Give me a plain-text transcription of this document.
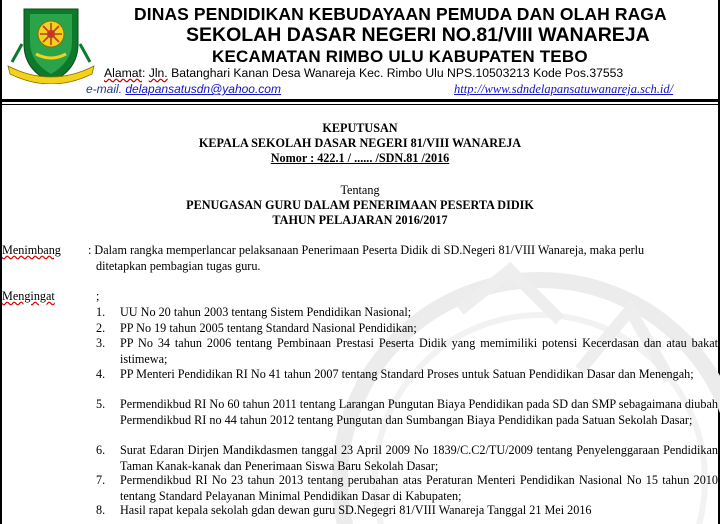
DINAS PENDIDIKAN KEBUDAYAAN PEMUDA DAN OLAH RAGA
SEKOLAH DASAR NEGERI NO.81/VIII WANAREJA
KECAMATAN RIMBO ULU KABUPATEN TEBO
Alamat: Jln. Batanghari Kanan Desa Wanareja Kec. Rimbo Ulu NPS.10503213 Kode Pos.37553
e-mail. delapansatusdn@yahoo.com	http://www.sdndelapansatuwanareja.sch.id/
KEPUTUSAN
KEPALA SEKOLAH DASAR NEGERI 81/VIII WANAREJA
Nomor : 422.1 / ...... /SDN.81 /2016
Tentang
PENUGASAN GURU DALAM PENERIMAAN PESERTA DIDIK
TAHUN PELAJARAN 2016/2017
Menimbang : Dalam rangka memperlancar pelaksanaan Penerimaan Peserta Didik di SD.Negeri 81/VIII Wanareja, maka perlu
ditetapkan pembagian tugas guru.
Mengingat	;
1. UU No 20 tahun 2003 tentang Sistem Pendidikan Nasional;
2. PP No 19 tahun 2005 tentang Standard Nasional Pendidikan;
3. PP No 34 tahun 2006 tentang Pembinaan Prestasi Peserta Didik yang memimiliki potensi Kecerdasan dan atau bakat istimewa;
4. PP Menteri Pendidikan RI No 41 tahun 2007 tentang Standard Proses untuk Satuan Pendidikan Dasar dan Menengah;
5. Permendikbud RI No 60 tahun 2011 tentang Larangan Pungutan Biaya Pendidikan pada SD dan SMP sebagaimana diubah Permendikbud RI no 44 tahun 2012 tentang Pungutan dan Sumbangan Biaya Pendidikan pada Satuan Sekolah Dasar;
6. Surat Edaran Dirjen Mandikdasmen tanggal 23 April 2009 No 1839/C.C2/TU/2009 tentang Penyelenggaraan Pendidikan Taman Kanak-kanak dan Penerimaan Siswa Baru Sekolah Dasar;
7. Permendikbud RI No 23 tahun 2013 tentang perubahan atas Peraturan Menteri Pendidikan Nasional No 15 tahun 2010 tentang Standard Pelayanan Minimal Pendidikan Dasar di Kabupaten;
8. Hasil rapat kepala sekolah gdan dewan guru SD.Negegri 81/VIII Wanareja Tanggal 21 Mei 2016
